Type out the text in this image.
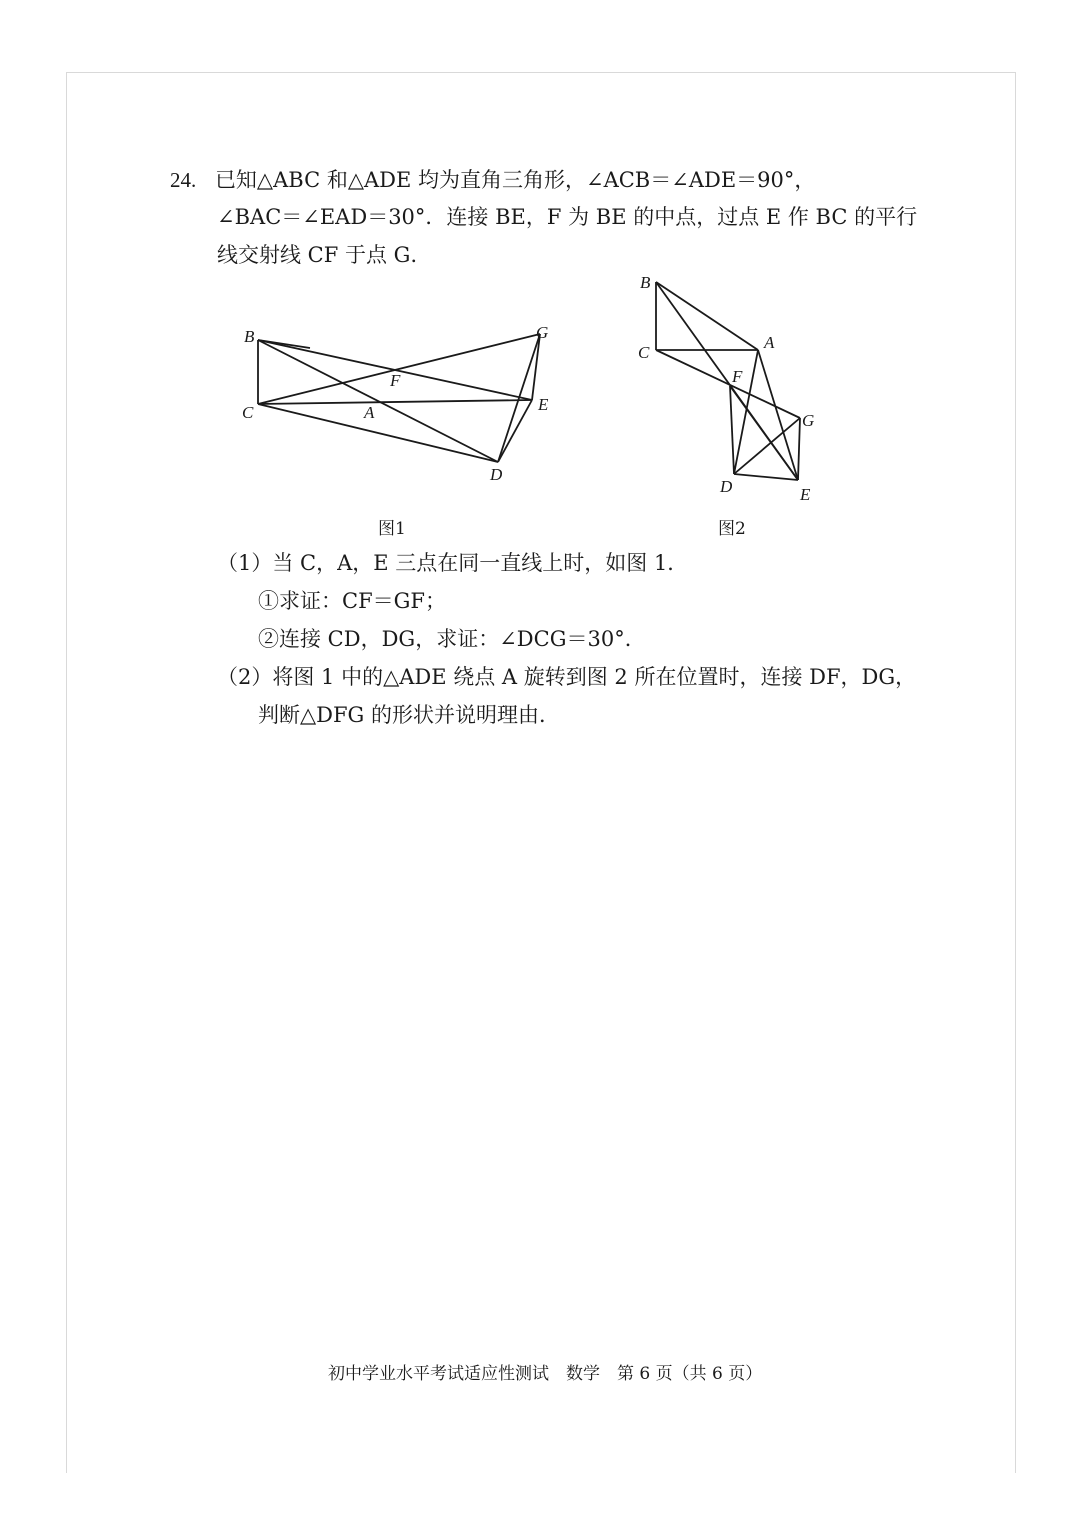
24. 已知△ABC 和△ADE 均为直角三角形，∠ACB＝∠ADE＝90°，
∠BAC＝∠EAD＝30°．连接 BE，F 为 BE 的中点，过点 E 作 BC 的平行
线交射线 CF 于点 G．
B
C	A
F
G
E
D
图1
B
C
A
F
G
D	E
图2
（1）当 C，A，E 三点在同一直线上时，如图 1．
①求证：CF＝GF；
②连接 CD，DG，求证：∠DCG＝30°．
（2）将图 1 中的△ADE 绕点 A 旋转到图 2 所在位置时，连接 DF，DG，
判断△DFG 的形状并说明理由．
初中学业水平考试适应性测试　数学　第 6 页（共 6 页）
